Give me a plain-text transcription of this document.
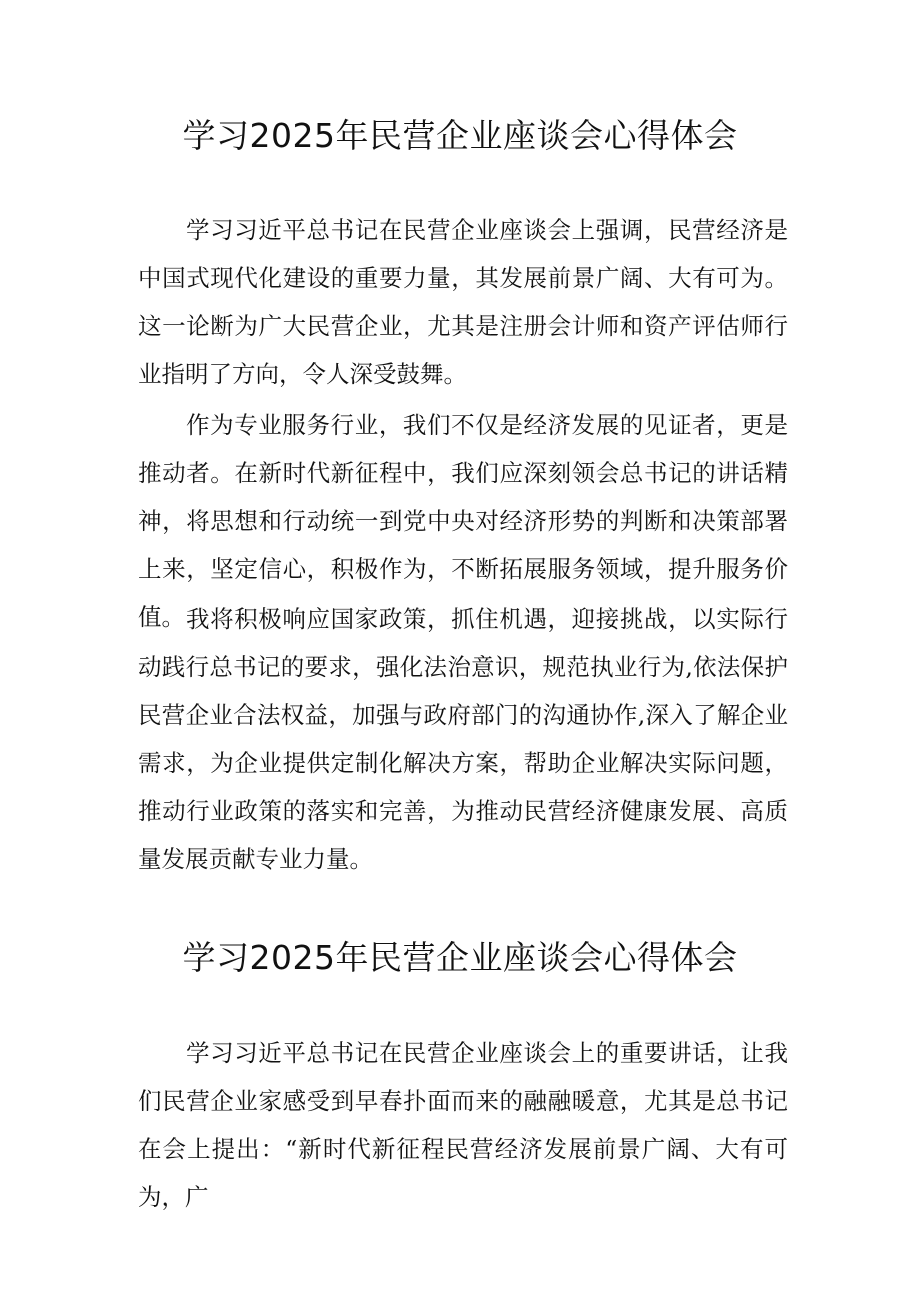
学习2025年民营企业座谈会心得体会

学习习近平总书记在民营企业座谈会上强调，民营经济是中国式现代化建设的重要力量，其发展前景广阔、大有可为。这一论断为广大民营企业，尤其是注册会计师和资产评估师行业指明了方向，令人深受鼓舞。

作为专业服务行业，我们不仅是经济发展的见证者，更是推动者。在新时代新征程中，我们应深刻领会总书记的讲话精神，将思想和行动统一到党中央对经济形势的判断和决策部署上来，坚定信心，积极作为，不断拓展服务领域，提升服务价值。 我将积极响应国家政策，抓住机遇，迎接挑战，以实际行动践行总书记的要求，强化法治意识，规范执业行为,依法保护民营企业合法权益，加强与政府部门的沟通协作,深入了解企业需求，为企业提供定制化解决方案，帮助企业解决实际问题，推动行业政策的落实和完善，为推动民营经济健康发展、高质量发展贡献专业力量。

学习2025年民营企业座谈会心得体会

学习习近平总书记在民营企业座谈会上的重要讲话，让我们民营企业家感受到早春扑面而来的融融暖意，尤其是总书记在会上提出：“新时代新征程民营经济发展前景广阔、大有可为，广
